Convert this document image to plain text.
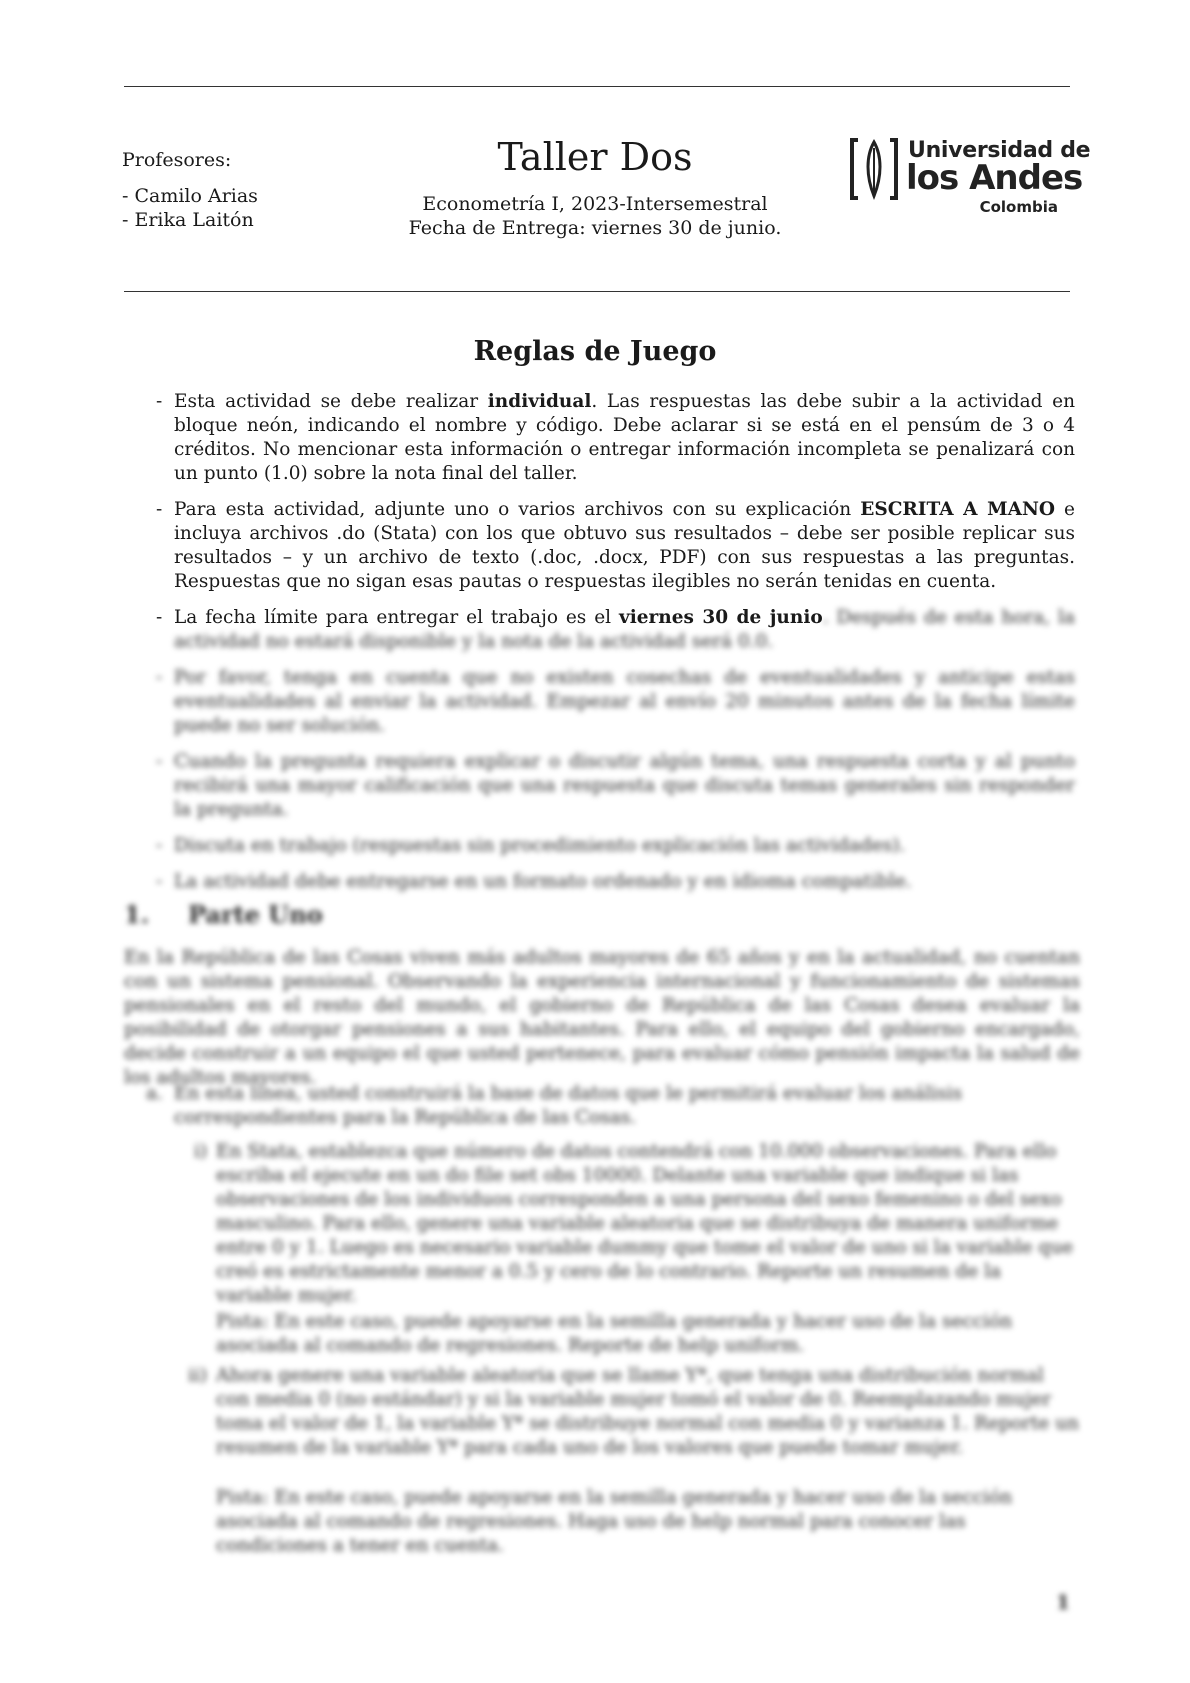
Profesores:
- Camilo Arias
- Erika Laitón
Taller Dos
Econometría I, 2023-Intersemestral
Fecha de Entrega: viernes 30 de junio.
Universidad de
los Andes
Colombia
Reglas de Juego
- Esta actividad se debe realizar individual. Las respuestas las debe subir a la actividad en bloque neón, indicando el nombre y código. Debe aclarar si se está en el pensúm de 3 o 4 créditos. No mencionar esta información o entregar información incompleta se penalizará con un punto (1.0) sobre la nota final del taller.
- Para esta actividad, adjunte uno o varios archivos con su explicación ESCRITA A MANO e incluya archivos .do (Stata) con los que obtuvo sus resultados – debe ser posible replicar sus resultados – y un archivo de texto (.doc, .docx, PDF) con sus respuestas a las preguntas. Respuestas que no sigan esas pautas o respuestas ilegibles no serán tenidas en cuenta.
- La fecha límite para entregar el trabajo es el viernes 30 de junio. Después de esta hora, la actividad no estará disponible y la nota de la actividad será 0.0.
- Por favor, tenga en cuenta que no existen cosechas de eventualidades y anticipe estas eventualidades al enviar la actividad. Empezar al envío 20 minutos antes de la fecha límite puede no ser solución.
- Cuando la pregunta requiera explicar o discutir algún tema, una respuesta corta y al punto recibirá una mayor calificación que una respuesta que discuta temas generales sin responder la pregunta.
- Discuta en trabajo (respuestas sin procedimiento explicación las actividades).
- La actividad debe entregarse en un formato ordenado y en idioma compatible.
1. Parte Uno
En la República de las Cosas viven más adultos mayores de 65 años y en la actualidad, no cuentan con un sistema pensional. Observando la experiencia internacional y funcionamiento de sistemas pensionales en el resto del mundo, el gobierno de República de las Cosas desea evaluar la posibilidad de otorgar pensiones a sus habitantes. Para ello, el equipo del gobierno encargado, decide construir a un equipo el que usted pertenece, para evaluar cómo pensión impacta la salud de los adultos mayores.
a. En esta línea, usted construirá la base de datos que le permitirá evaluar los análisis correspondientes para la República de las Cosas.
i) En Stata, establezca que número de datos contendrá con 10.000 observaciones. Para ello escriba el ejecute en un do file set obs 10000. Delante una variable que indique si las observaciones de los individuos corresponden a una persona del sexo femenino o del sexo masculino. Para ello, genere una variable aleatoria que se distribuya de manera uniforme entre 0 y 1. Luego es necesario variable dummy que tome el valor de uno si la variable que creó es estrictamente menor a 0.5 y cero de lo contrario. Reporte un resumen de la variable mujer.
Pista: En este caso, puede apoyarse en la semilla generada y hacer uso de la sección asociada al comando de regresiones. Reporte de help uniform.
ii) Ahora genere una variable aleatoria que se llame Y*, que tenga una distribución normal con media 0 (no estándar) y si la variable mujer tomó el valor de 0. Reemplazando mujer toma el valor de 1, la variable Y* se distribuye normal con media 0 y varianza 1. Reporte un resumen de la variable Y* para cada uno de los valores que puede tomar mujer.
Pista: En este caso, puede apoyarse en la semilla generada y hacer uso de la sección asociada al comando de regresiones. Haga uso de help normal para conocer las condiciones a tener en cuenta.
1
